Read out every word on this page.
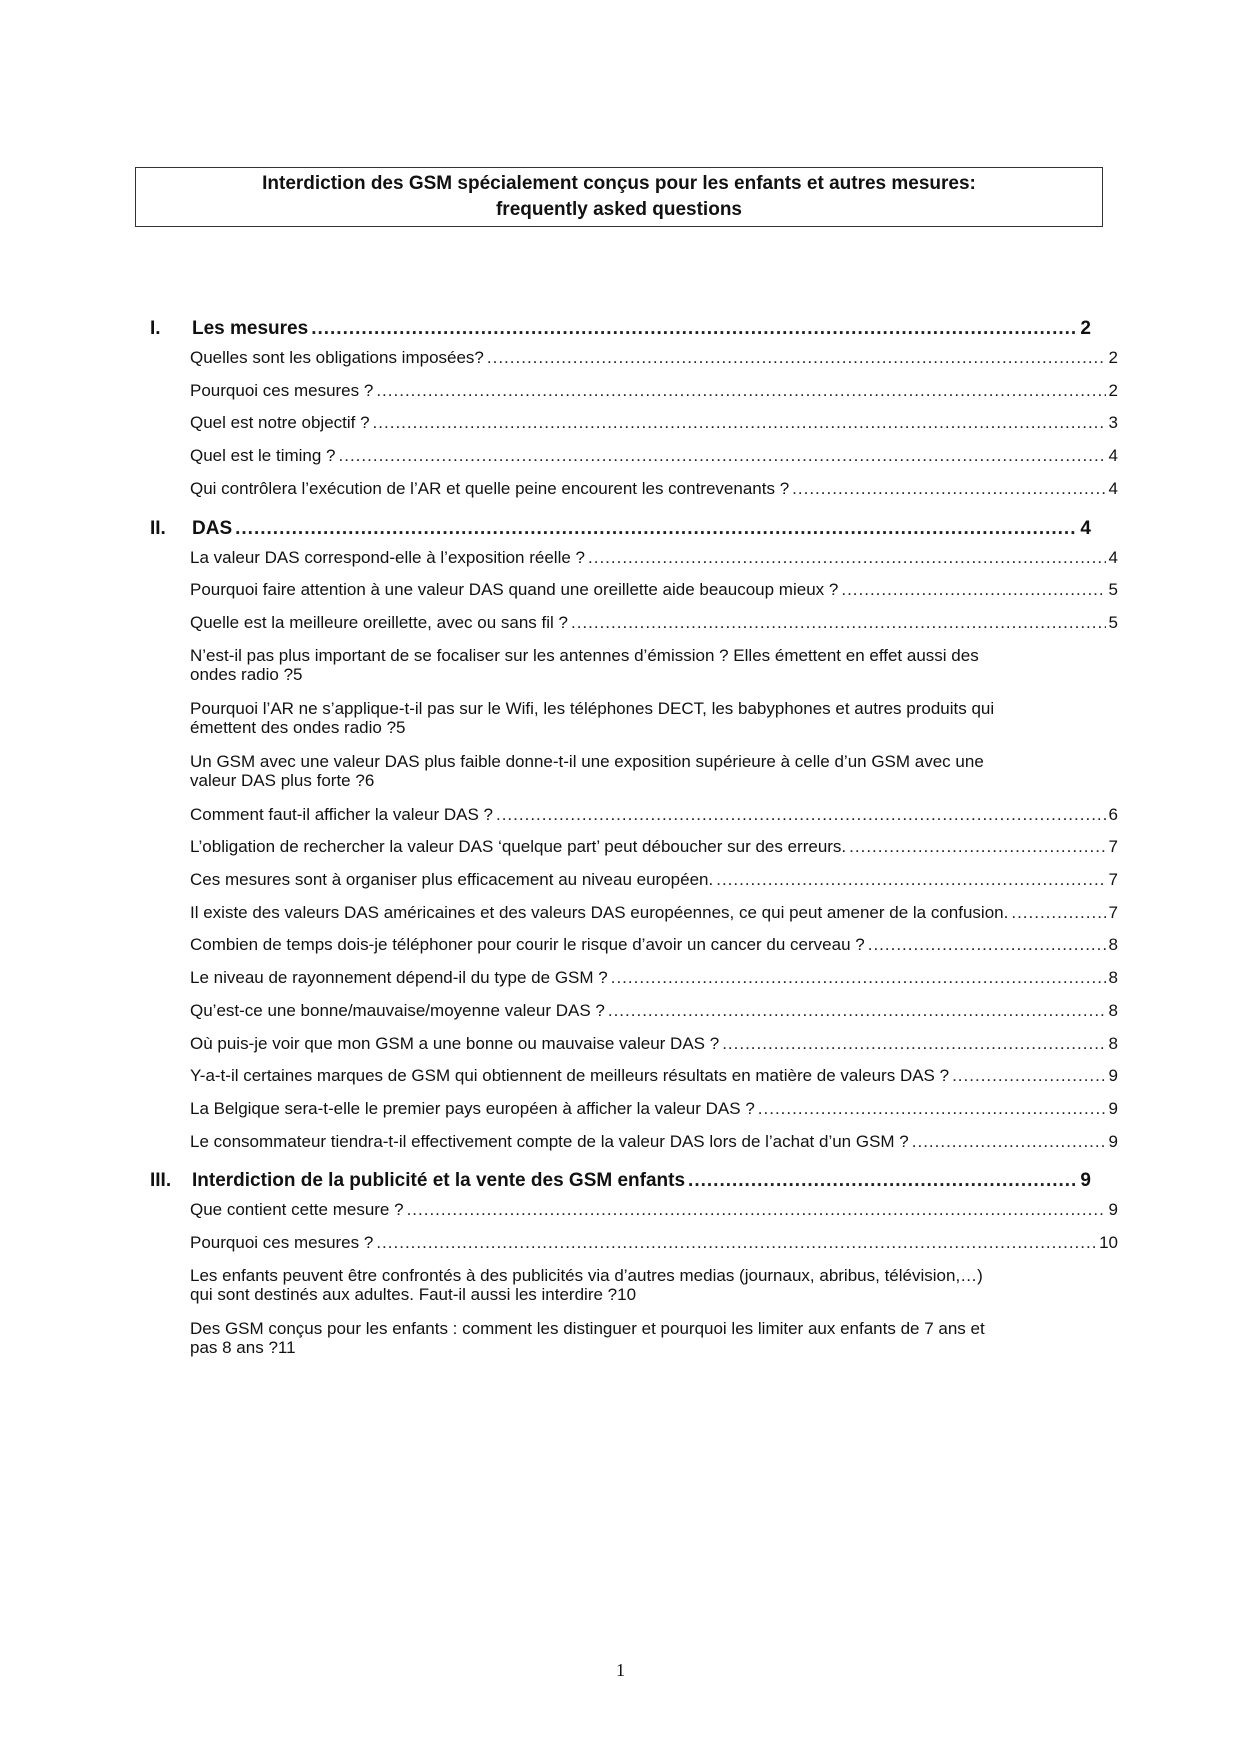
Interdiction des GSM spécialement conçus pour les enfants et autres mesures:
frequently asked questions
I.	Les mesures .....	2
Quelles sont les obligations imposées? .....	2
Pourquoi ces mesures ? .....	2
Quel est notre objectif ? .....	3
Quel est le timing ? .....	4
Qui contrôlera l’exécution de l’AR et quelle peine encourent les contrevenants ? .....	4
II.	DAS .....	4
La valeur DAS correspond-elle à l’exposition réelle ? .....	4
Pourquoi faire attention à une valeur DAS quand une oreillette aide beaucoup mieux ? .....	5
Quelle est la meilleure oreillette, avec ou sans fil ? .....	5
N’est-il pas plus important de se focaliser sur les antennes d’émission ? Elles émettent en effet aussi des
ondes radio ? 5
Pourquoi l’AR ne s’applique-t-il pas sur le Wifi, les téléphones DECT, les babyphones et autres produits qui
émettent des ondes radio ? 5
Un GSM avec une valeur DAS plus faible donne-t-il une exposition supérieure à celle d’un GSM avec une
valeur DAS plus forte ? 6
Comment faut-il afficher la valeur DAS ? .....	6
L’obligation de rechercher la valeur DAS ‘quelque part’ peut déboucher sur des erreurs. .....	7
Ces mesures sont à organiser plus efficacement au niveau européen. .....	7
Il existe des valeurs DAS américaines et des valeurs DAS européennes, ce qui peut amener de la confusion. .....	7
Combien de temps dois-je téléphoner pour courir le risque d’avoir un cancer du cerveau ? .....	8
Le niveau de rayonnement dépend-il du type de GSM ? .....	8
Qu’est-ce une bonne/mauvaise/moyenne valeur DAS ? .....	8
Où puis-je voir que mon GSM a une bonne ou mauvaise valeur DAS ? .....	8
Y-a-t-il certaines marques de GSM qui obtiennent de meilleurs résultats en matière de valeurs DAS ? .....	9
La Belgique sera-t-elle le premier pays européen à afficher la valeur DAS ? .....	9
Le consommateur tiendra-t-il effectivement compte de la valeur DAS lors de l’achat d’un GSM ? .....	9
III.	Interdiction de la publicité et la vente des GSM enfants .....	9
Que contient cette mesure ? .....	9
Pourquoi ces mesures ? .....	10
Les enfants peuvent être confrontés à des publicités via d’autres medias (journaux, abribus, télévision,…)
qui sont destinés aux adultes. Faut-il aussi les interdire ? 10
Des GSM conçus pour les enfants : comment les distinguer et pourquoi les limiter aux enfants de 7 ans et
pas 8 ans ? 11
1
